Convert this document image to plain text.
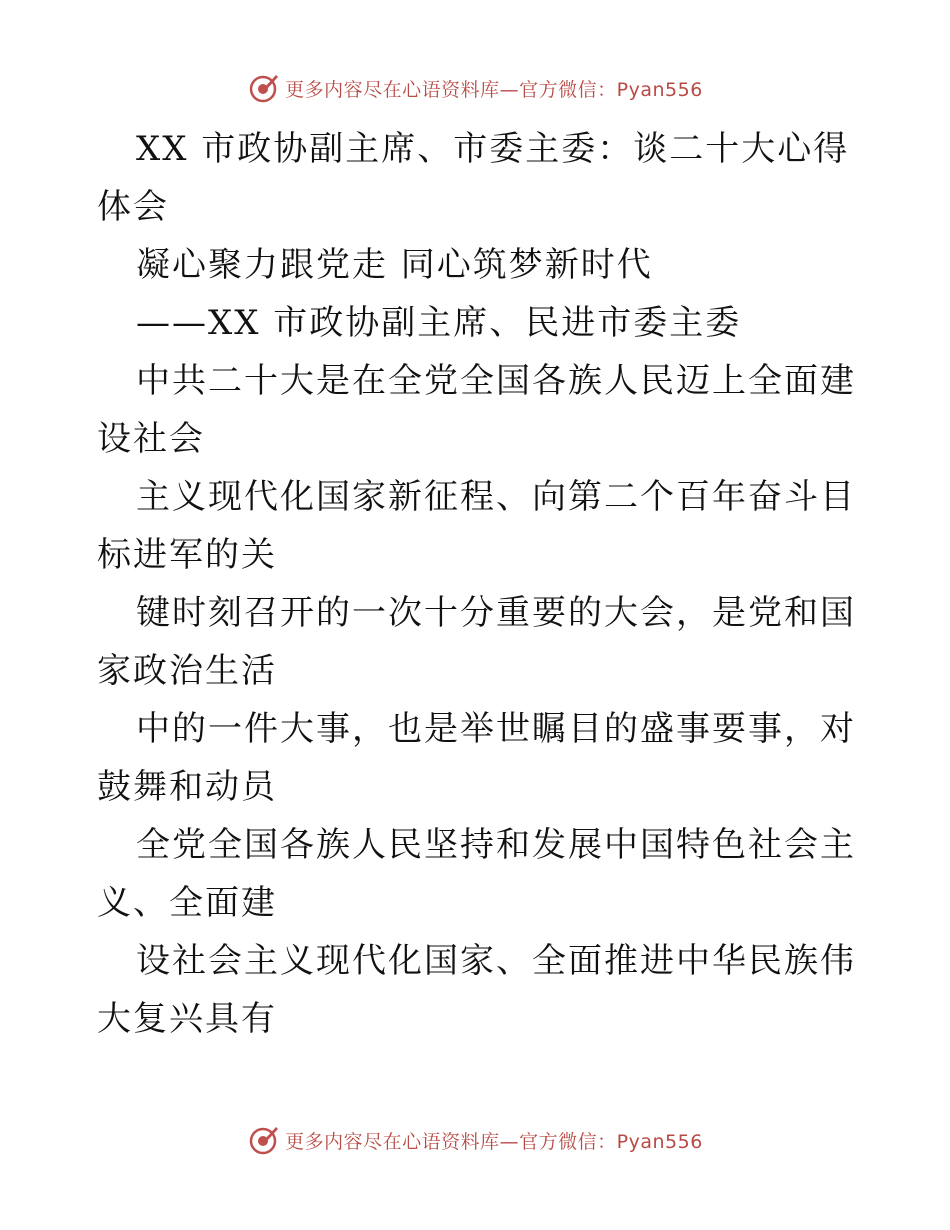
更多内容尽在心语资料库—官方微信：Pyan556

XX 市政协副主席、市委主委：谈二十大心得体会

凝心聚力跟党走 同心筑梦新时代

——XX 市政协副主席、民进市委主委

中共二十大是在全党全国各族人民迈上全面建设社会

主义现代化国家新征程、向第二个百年奋斗目标进军的关

键时刻召开的一次十分重要的大会，是党和国家政治生活

中的一件大事，也是举世瞩目的盛事要事，对鼓舞和动员

全党全国各族人民坚持和发展中国特色社会主义、全面建

设社会主义现代化国家、全面推进中华民族伟大复兴具有

更多内容尽在心语资料库—官方微信：Pyan556
